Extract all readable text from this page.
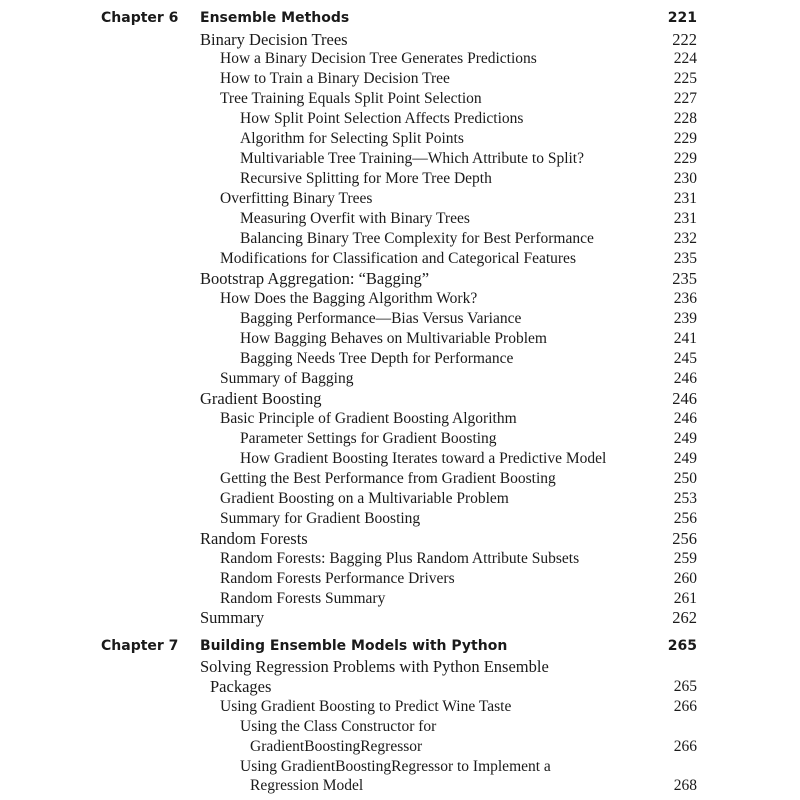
Chapter 6 Ensemble Methods	221
Binary Decision Trees	222
How a Binary Decision Tree Generates Predictions	224
How to Train a Binary Decision Tree	225
Tree Training Equals Split Point Selection	227
How Split Point Selection Affects Predictions	228
Algorithm for Selecting Split Points	229
Multivariable Tree Training—Which Attribute to Split?	229
Recursive Splitting for More Tree Depth	230
Overfitting Binary Trees	231
Measuring Overfit with Binary Trees	231
Balancing Binary Tree Complexity for Best Performance	232
Modifications for Classification and Categorical Features	235
Bootstrap Aggregation: “Bagging”	235
How Does the Bagging Algorithm Work?	236
Bagging Performance—Bias Versus Variance	239
How Bagging Behaves on Multivariable Problem	241
Bagging Needs Tree Depth for Performance	245
Summary of Bagging	246
Gradient Boosting	246
Basic Principle of Gradient Boosting Algorithm	246
Parameter Settings for Gradient Boosting	249
How Gradient Boosting Iterates toward a Predictive Model	249
Getting the Best Performance from Gradient Boosting	250
Gradient Boosting on a Multivariable Problem	253
Summary for Gradient Boosting	256
Random Forests	256
Random Forests: Bagging Plus Random Attribute Subsets	259
Random Forests Performance Drivers	260
Random Forests Summary	261
Summary	262
Chapter 7 Building Ensemble Models with Python	265
Solving Regression Problems with Python Ensemble
Packages	265
Using Gradient Boosting to Predict Wine Taste	266
Using the Class Constructor for
GradientBoostingRegressor	266
Using GradientBoostingRegressor to Implement a
Regression Model	268
